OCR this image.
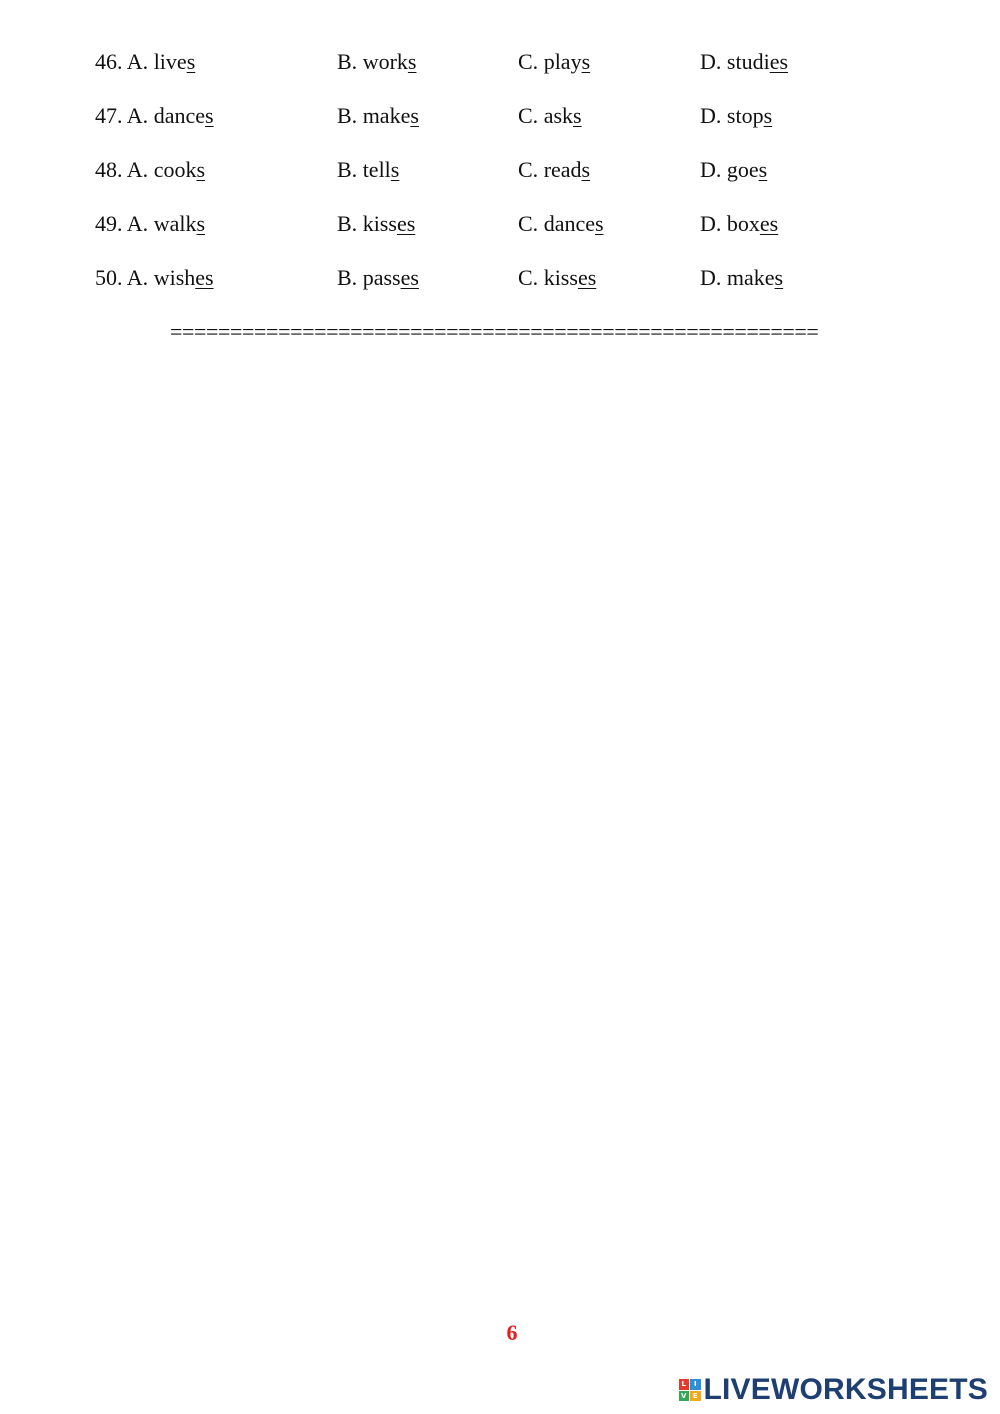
46. A. lives	B. works	C. plays	D. studies
47. A. dances	B. makes	C. asks	D. stops
48. A. cooks	B. tells	C. reads	D. goes
49. A. walks	B. kisses	C. dances	D. boxes
50. A. wishes	B. passes	C. kisses	D. makes
======================================================
6
L	I
V E LIVEWORKSHEETS
